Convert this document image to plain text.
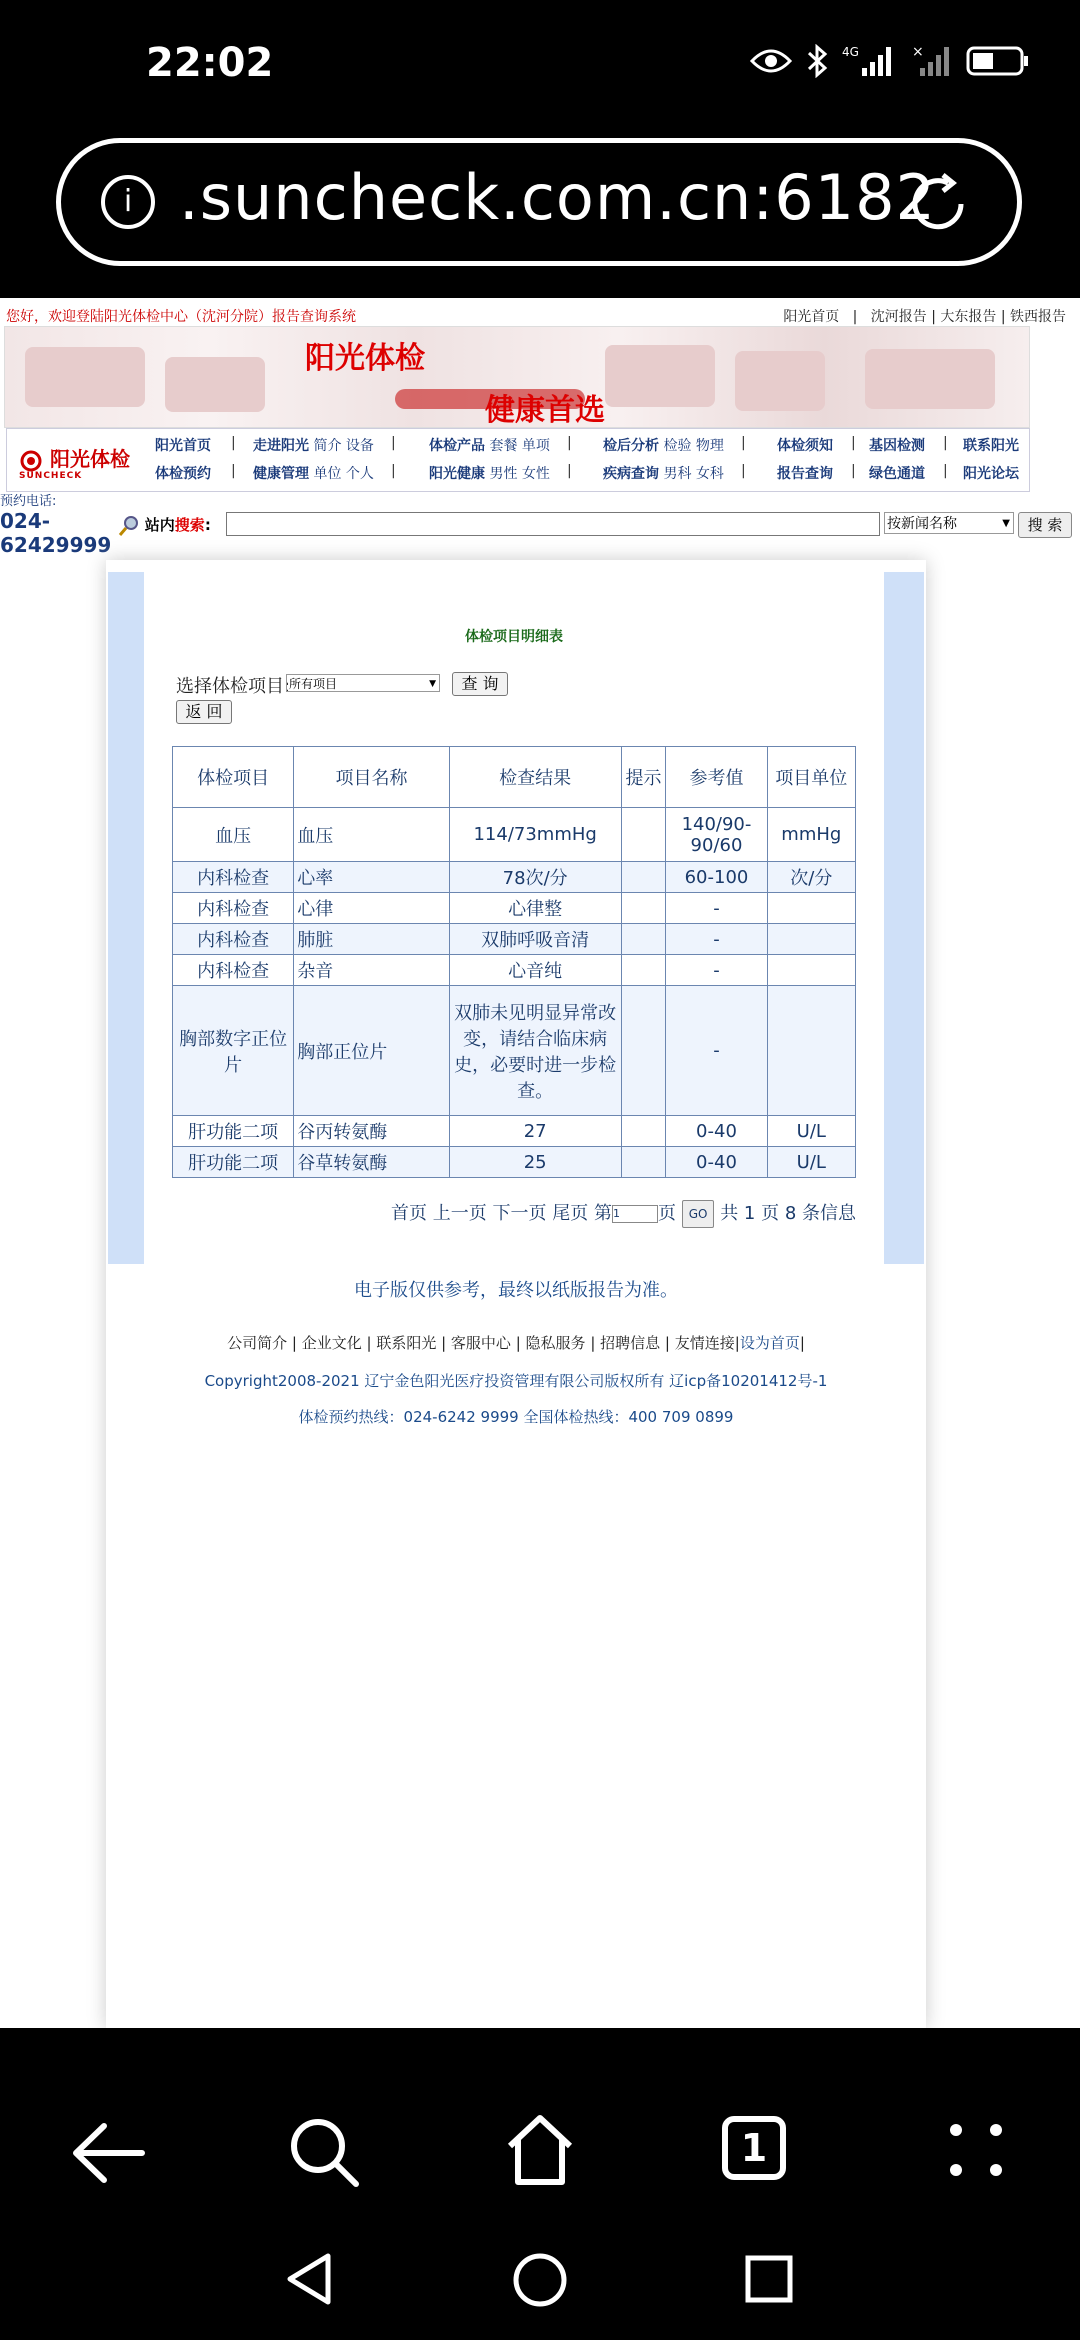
22:02	4G	×
i .suncheck.com.cn:6182
您好，欢迎登陆阳光体检中心（沈河分院）报告查询系统	阳光首页   |   沈河报告 | 大东报告 | 铁西报告
阳光体检
健康首选
阳光体检
SUNCHECK
阳光首页 | 走进阳光 简介 设备 | 体检产品 套餐 单项 | 检后分析 检验 物理 | 体检须知 | 基因检测 | 联系阳光
体检预约 | 健康管理 单位 个人 | 阳光健康 男性 女性 | 疾病查询 男科 女科 | 报告查询 | 绿色通道 | 阳光论坛
预约电话:
024-62429999
站内搜索:	按新闻名称	▼	搜 索
体检项目明细表
选择体检项目:
所有项目	▼	查 询
返 回
体检项目	项目名称	检查结果	提示	参考值	项目单位
血压	血压	114/73mmHg		140/90-90/60	mmHg
内科检查	心率	78次/分		60-100	次/分
内科检查	心律	心律整		-	
内科检查	肺脏	双肺呼吸音清		-	
内科检查	杂音	心音纯		-	
胸部数字正位片	胸部正位片	双肺未见明显异常改变，请结合临床病史，必要时进一步检查。		-	
肝功能二项	谷丙转氨酶	27		0-40	U/L
肝功能二项	谷草转氨酶	25		0-40	U/L
首页 上一页 下一页 尾页 第1 页 GO 共 1 页 8 条信息
电子版仅供参考，最终以纸版报告为准。
公司简介 | 企业文化 | 联系阳光 | 客服中心 | 隐私服务 | 招聘信息 | 友情连接|设为首页|
Copyright2008-2021 辽宁金色阳光医疗投资管理有限公司版权所有 辽icp备10201412号-1
体检预约热线：024-6242 9999 全国体检热线：400 709 0899
1
